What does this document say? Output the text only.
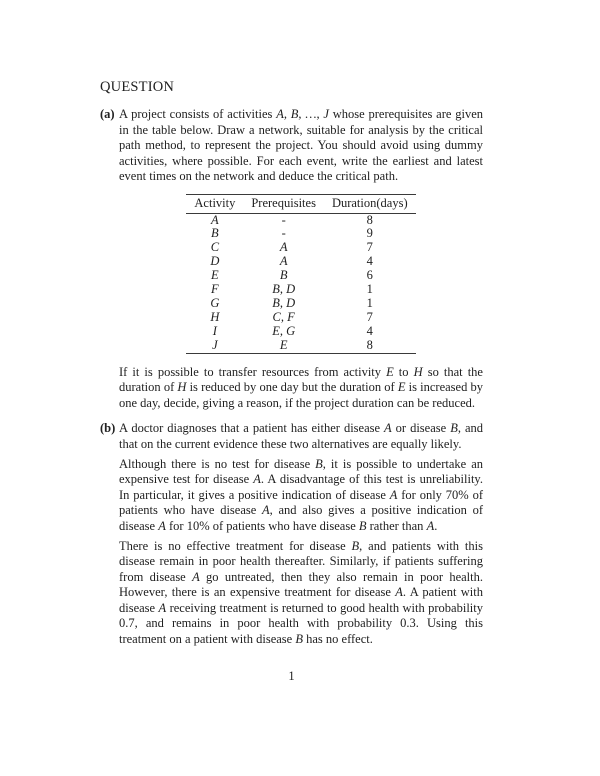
QUESTION
(a) A project consists of activities A, B, …, J whose prerequisites are given in the table below. Draw a network, suitable for analysis by the critical path method, to represent the project. You should avoid using dummy activities, where possible. For each event, write the earliest and latest event times on the network and deduce the critical path.

Activity	Prerequisites	Duration(days)
A	-	8
B	-	9
C	A	7
D	A	4
E	B	6
F	B, D	1
G	B, D	1
H	C, F	7
I	E, G	4
J	E	8

If it is possible to transfer resources from activity E to H so that the duration of H is reduced by one day but the duration of E is increased by one day, decide, giving a reason, if the project duration can be reduced.

(b) A doctor diagnoses that a patient has either disease A or disease B, and that on the current evidence these two alternatives are equally likely.

Although there is no test for disease B, it is possible to undertake an expensive test for disease A. A disadvantage of this test is unreliability. In particular, it gives a positive indication of disease A for only 70% of patients who have disease A, and also gives a positive indication of disease A for 10% of patients who have disease B rather than A.

There is no effective treatment for disease B, and patients with this disease remain in poor health thereafter. Similarly, if patients suffering from disease A go untreated, then they also remain in poor health. However, there is an expensive treatment for disease A. A patient with disease A receiving treatment is returned to good health with probability 0.7, and remains in poor health with probability 0.3. Using this treatment on a patient with disease B has no effect.

1
